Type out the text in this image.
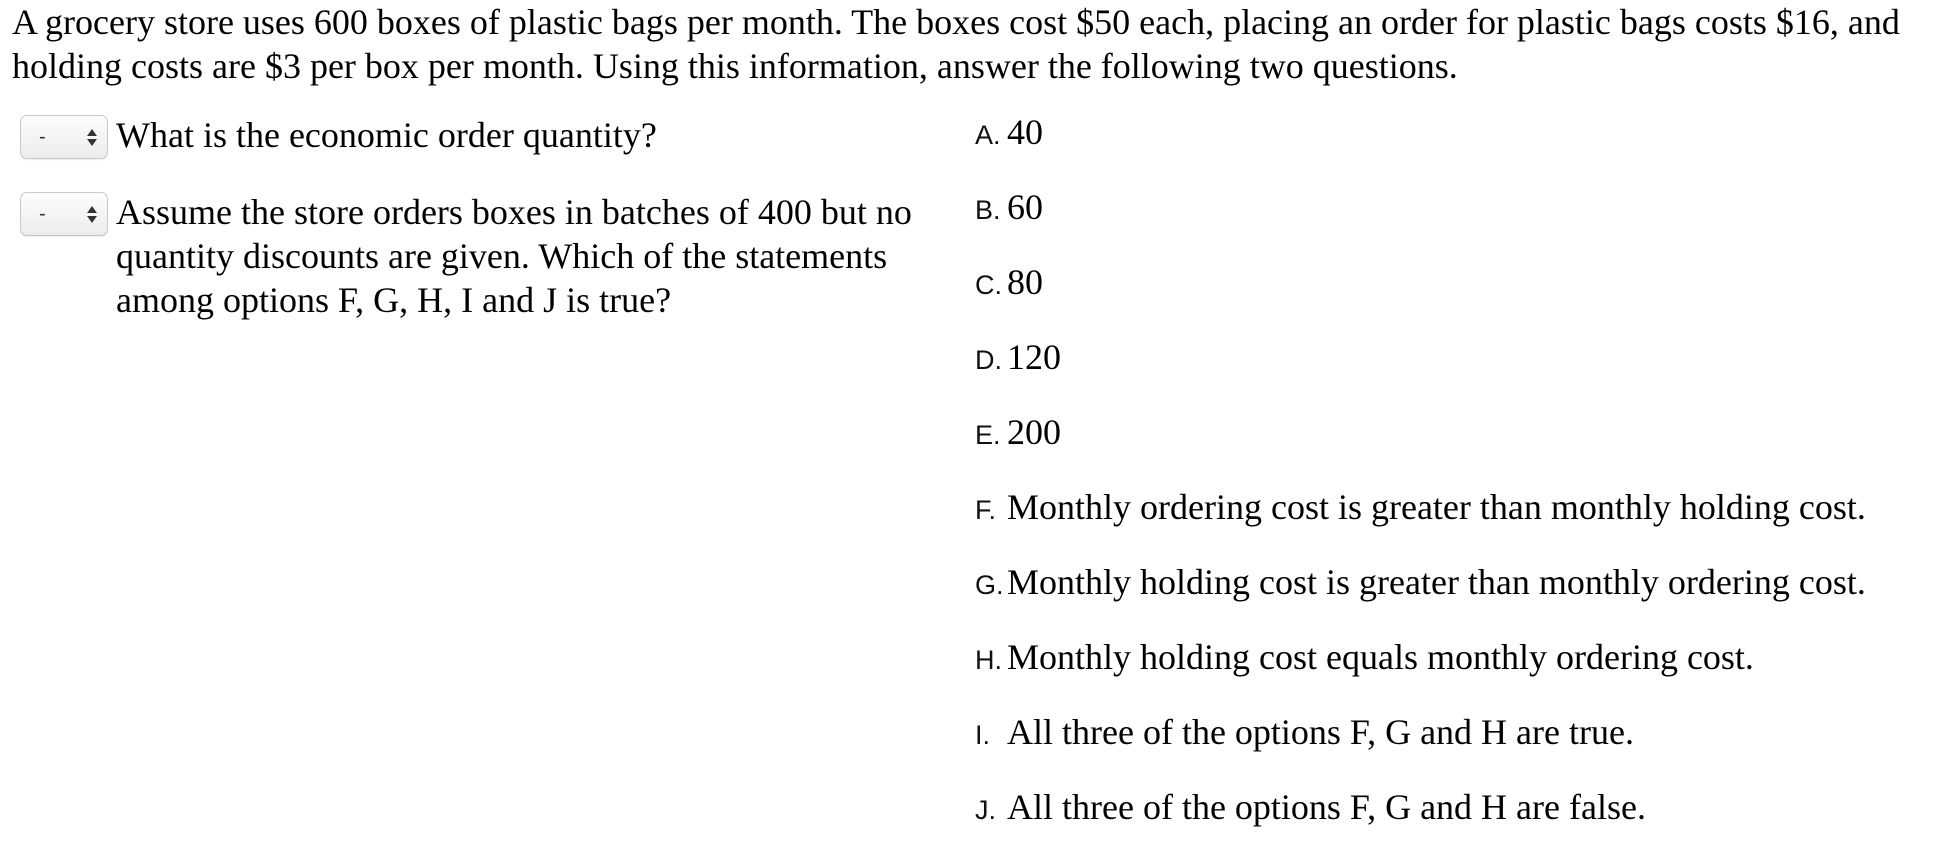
A grocery store uses 600 boxes of plastic bags per month. The boxes cost $50 each, placing an order for plastic bags costs $16, and holding costs are $3 per box per month. Using this information, answer the following two questions.

- What is the economic order quantity?
- Assume the store orders boxes in batches of 400 but no quantity discounts are given. Which of the statements among options F, G, H, I and J is true?
A. 40
B. 60
C. 80
D. 120
E. 200
F. Monthly ordering cost is greater than monthly holding cost.
G. Monthly holding cost is greater than monthly ordering cost.
H. Monthly holding cost equals monthly ordering cost.
I. All three of the options F, G and H are true.
J. All three of the options F, G and H are false.
